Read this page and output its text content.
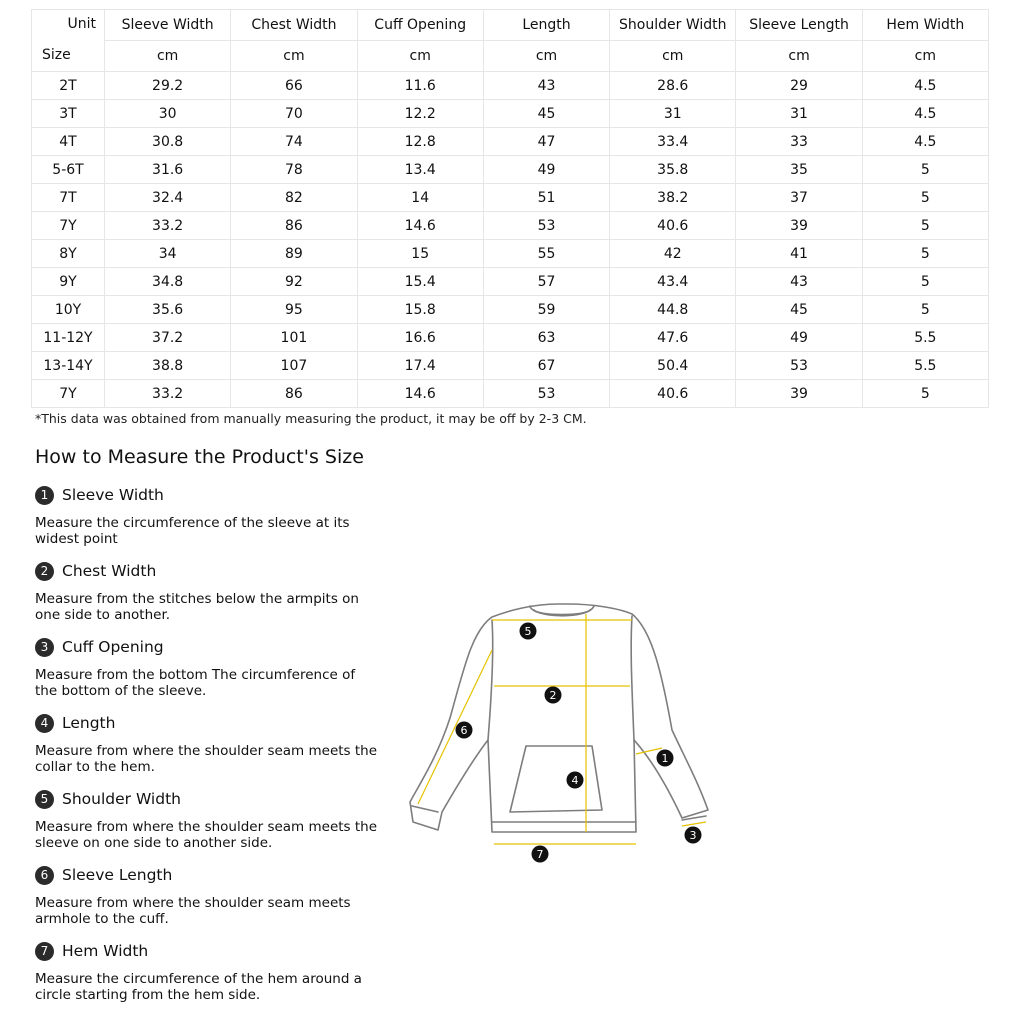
Unit
Size	Sleeve Width	Chest Width	Cuff Opening	Length	Shoulder Width	Sleeve Length	Hem Width
	cm	cm	cm	cm	cm	cm	cm
2T	29.2	66	11.6	43	28.6	29	4.5
3T	30	70	12.2	45	31	31	4.5
4T	30.8	74	12.8	47	33.4	33	4.5
5-6T	31.6	78	13.4	49	35.8	35	5
7T	32.4	82	14	51	38.2	37	5
7Y	33.2	86	14.6	53	40.6	39	5
8Y	34	89	15	55	42	41	5
9Y	34.8	92	15.4	57	43.4	43	5
10Y	35.6	95	15.8	59	44.8	45	5
11-12Y	37.2	101	16.6	63	47.6	49	5.5
13-14Y	38.8	107	17.4	67	50.4	53	5.5
7Y	33.2	86	14.6	53	40.6	39	5
*This data was obtained from manually measuring the product, it may be off by 2-3 CM.
How to Measure the Product's Size
1 Sleeve Width
Measure the circumference of the sleeve at its widest point
2 Chest Width
Measure from the stitches below the armpits on one side to another.
3 Cuff Opening
Measure from the bottom The circumference of the bottom of the sleeve.
4 Length
Measure from where the shoulder seam meets the collar to the hem.
5 Shoulder Width
Measure from where the shoulder seam meets the sleeve on one side to another side.
6 Sleeve Length
Measure from where the shoulder seam meets armhole to the cuff.
7 Hem Width
Measure the circumference of the hem around a circle starting from the hem side.
1
2
3
4
5
6
7
